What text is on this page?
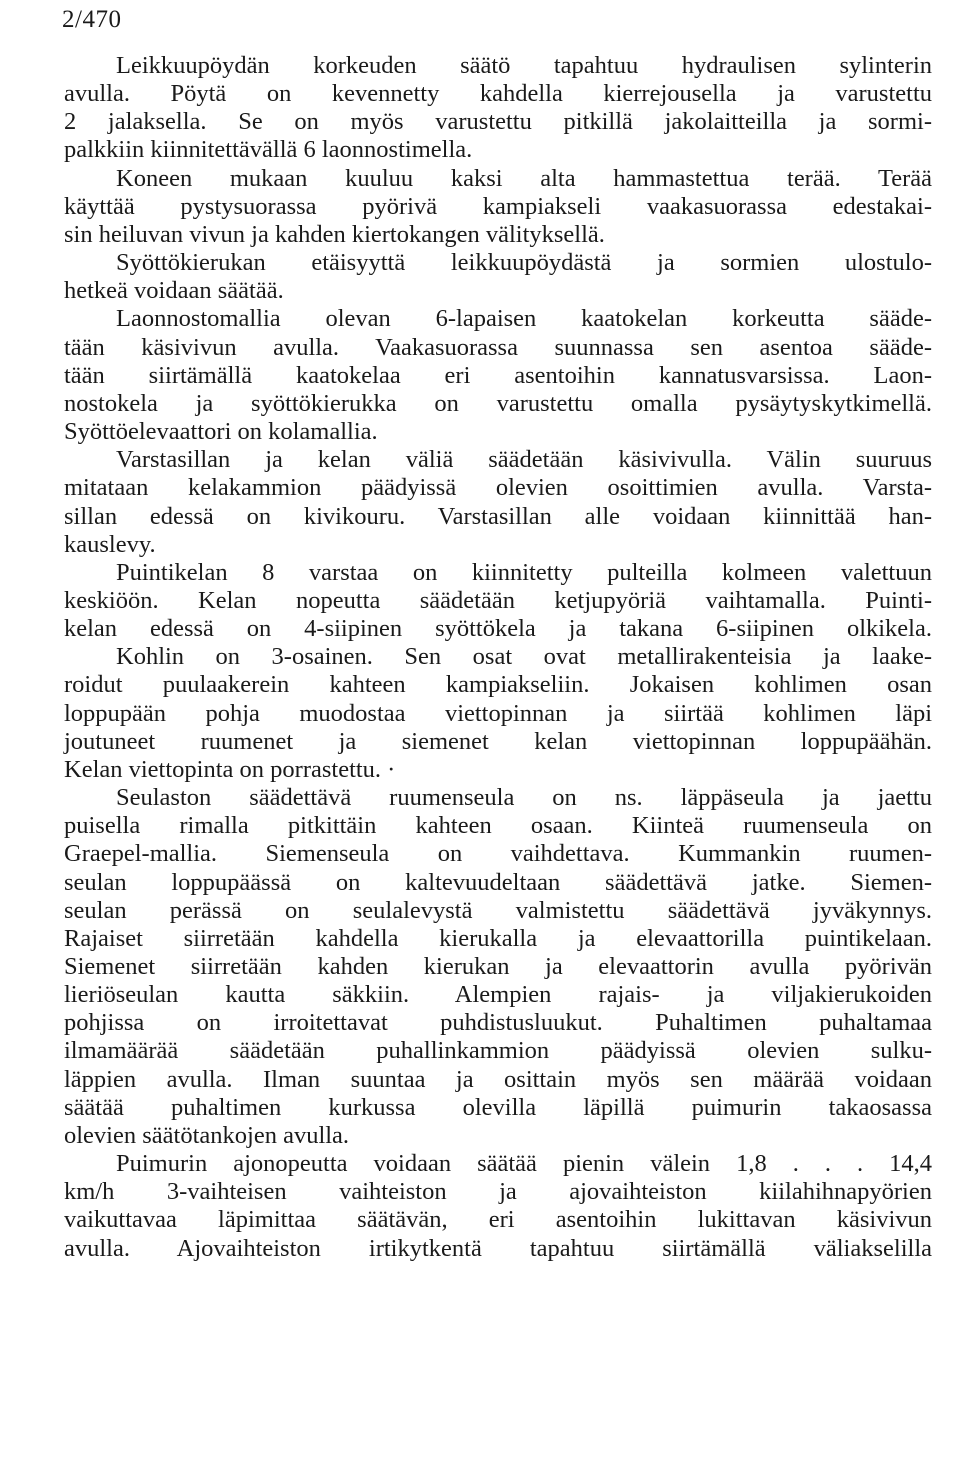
2/470
Leikkuupöydän korkeuden säätö tapahtuu hydraulisen sylinterin
avulla. Pöytä on kevennetty kahdella kierrejousella ja varustettu
2 jalaksella. Se on myös varustettu pitkillä jakolaitteilla ja sormi-
palkkiin kiinnitettävällä 6 laonnostimella.
Koneen mukaan kuuluu kaksi alta hammastettua terää. Terää
käyttää pystysuorassa pyörivä kampiakseli vaakasuorassa edestakai-
sin heiluvan vivun ja kahden kiertokangen välityksellä.
Syöttökierukan etäisyyttä leikkuupöydästä ja sormien ulostulo-
hetkeä voidaan säätää.
Laonnostomallia olevan 6-lapaisen kaatokelan korkeutta sääde-
tään käsivivun avulla. Vaakasuorassa suunnassa sen asentoa sääde-
tään siirtämällä kaatokelaa eri asentoihin kannatusvarsissa. Laon-
nostokela ja syöttökierukka on varustettu omalla pysäytyskytkimellä.
Syöttöelevaattori on kolamallia.
Varstasillan ja kelan väliä säädetään käsivivulla. Välin suuruus
mitataan kelakammion päädyissä olevien osoittimien avulla. Varsta-
sillan edessä on kivikouru. Varstasillan alle voidaan kiinnittää han-
kauslevy.
Puintikelan 8 varstaa on kiinnitetty pulteilla kolmeen valettuun
keskiöön. Kelan nopeutta säädetään ketjupyöriä vaihtamalla. Puinti-
kelan edessä on 4-siipinen syöttökela ja takana 6-siipinen olkikela.
Kohlin on 3-osainen. Sen osat ovat metallirakenteisia ja laake-
roidut puulaakerein kahteen kampiakseliin. Jokaisen kohlimen osan
loppupään pohja muodostaa viettopinnan ja siirtää kohlimen läpi
joutuneet ruumenet ja siemenet kelan viettopinnan loppupäähän.
Kelan viettopinta on porrastettu. ·
Seulaston säädettävä ruumenseula on ns. läppäseula ja jaettu
puisella rimalla pitkittäin kahteen osaan. Kiinteä ruumenseula on
Graepel-mallia. Siemenseula on vaihdettava. Kummankin ruumen-
seulan loppupäässä on kaltevuudeltaan säädettävä jatke. Siemen-
seulan perässä on seulalevystä valmistettu säädettävä jyväkynnys.
Rajaiset siirretään kahdella kierukalla ja elevaattorilla puintikelaan.
Siemenet siirretään kahden kierukan ja elevaattorin avulla pyörivän
lieriöseulan kautta säkkiin. Alempien rajais- ja viljakierukoiden
pohjissa on irroitettavat puhdistusluukut. Puhaltimen puhaltamaa
ilmamäärää säädetään puhallinkammion päädyissä olevien sulku-
läppien avulla. Ilman suuntaa ja osittain myös sen määrää voidaan
säätää puhaltimen kurkussa olevilla läpillä puimurin takaosassa
olevien säätötankojen avulla.
Puimurin ajonopeutta voidaan säätää pienin välein 1,8 . . . 14,4
km/h 3-vaihteisen vaihteiston ja ajovaihteiston kiilahihnapyörien
vaikuttavaa läpimittaa säätävän, eri asentoihin lukittavan käsivivun
avulla. Ajovaihteiston irtikytkentä tapahtuu siirtämällä väliakselilla
